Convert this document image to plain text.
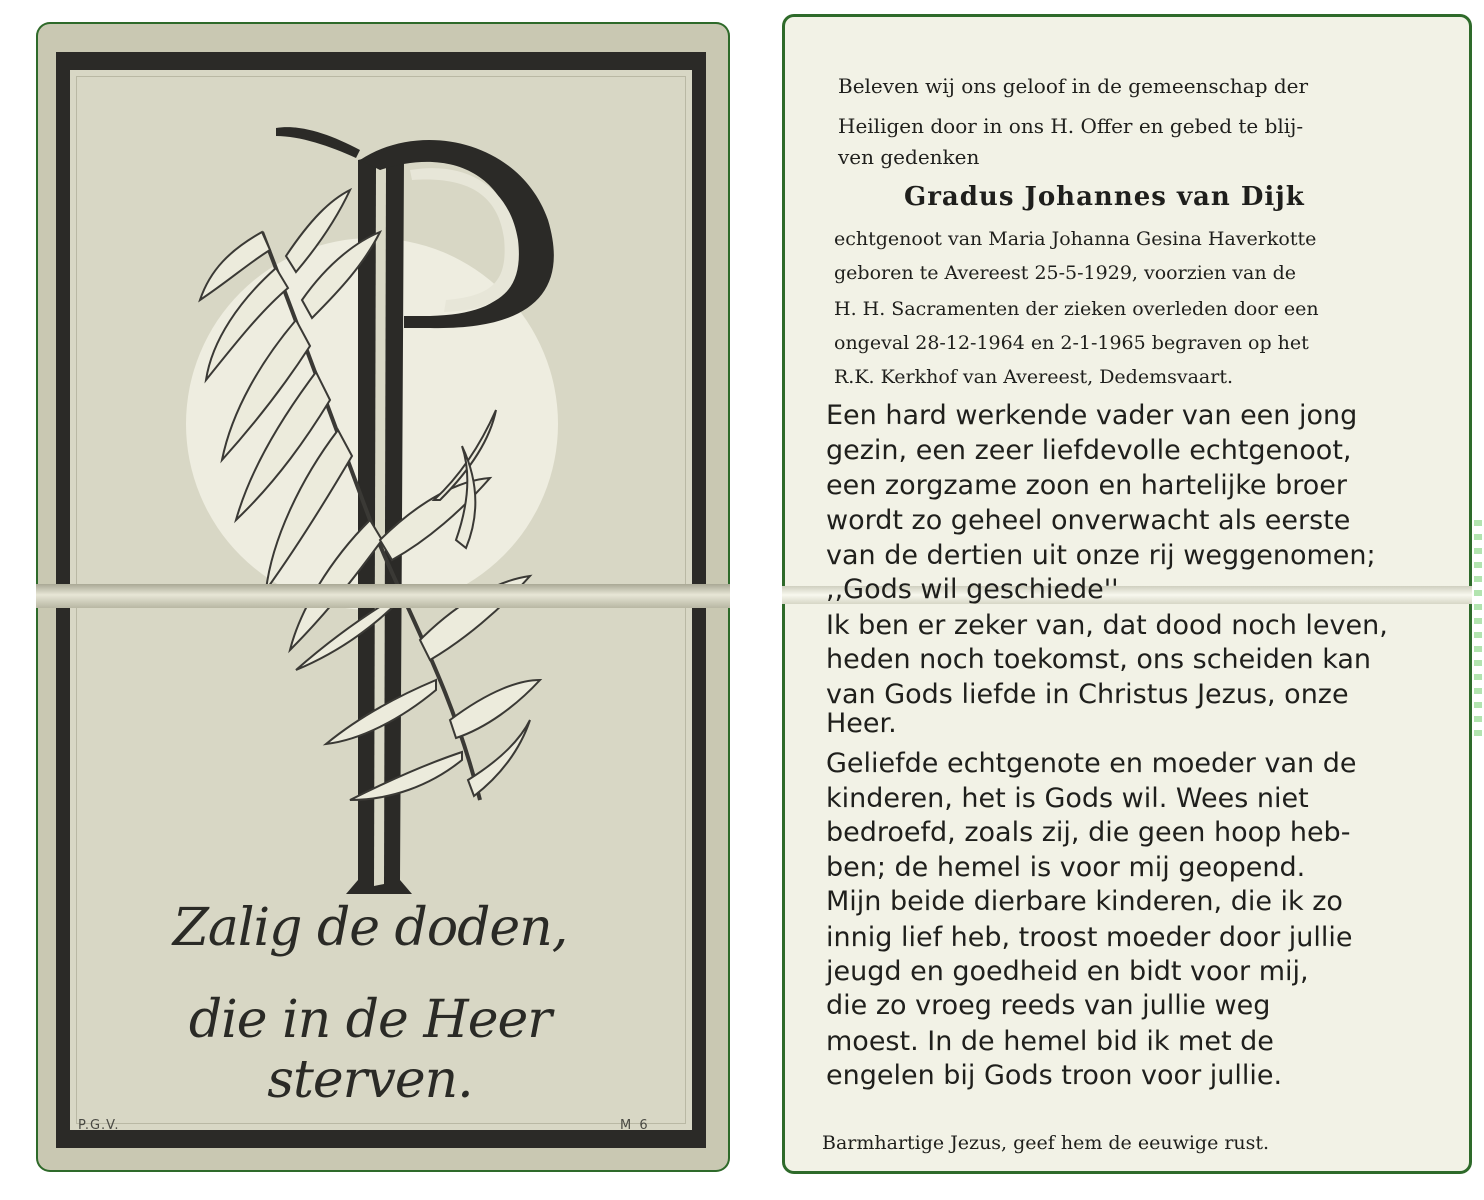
Zalig de doden,
die in de Heer sterven.
P.G.V.	M 6
Beleven wij ons geloof in de gemeenschap der
Heiligen door in ons H. Offer en gebed te blij-
ven gedenken
Gradus Johannes van Dijk
echtgenoot van Maria Johanna Gesina Haverkotte
geboren te Avereest 25-5-1929, voorzien van de
H. H. Sacramenten der zieken overleden door een
ongeval 28-12-1964 en 2-1-1965 begraven op het
R.K. Kerkhof van Avereest, Dedemsvaart.
Een hard werkende vader van een jong
gezin, een zeer liefdevolle echtgenoot,
een zorgzame zoon en hartelijke broer
wordt zo geheel onverwacht als eerste
van de dertien uit onze rij weggenomen;
,,Gods wil geschiede''
Ik ben er zeker van, dat dood noch leven,
heden noch toekomst, ons scheiden kan
van Gods liefde in Christus Jezus, onze
Heer.
Geliefde echtgenote en moeder van de
kinderen, het is Gods wil. Wees niet
bedroefd, zoals zij, die geen hoop heb-
ben; de hemel is voor mij geopend.
Mijn beide dierbare kinderen, die ik zo
innig lief heb, troost moeder door jullie
jeugd en goedheid en bidt voor mij,
die zo vroeg reeds van jullie weg
moest. In de hemel bid ik met de
engelen bij Gods troon voor jullie.
Barmhartige Jezus, geef hem de eeuwige rust.
